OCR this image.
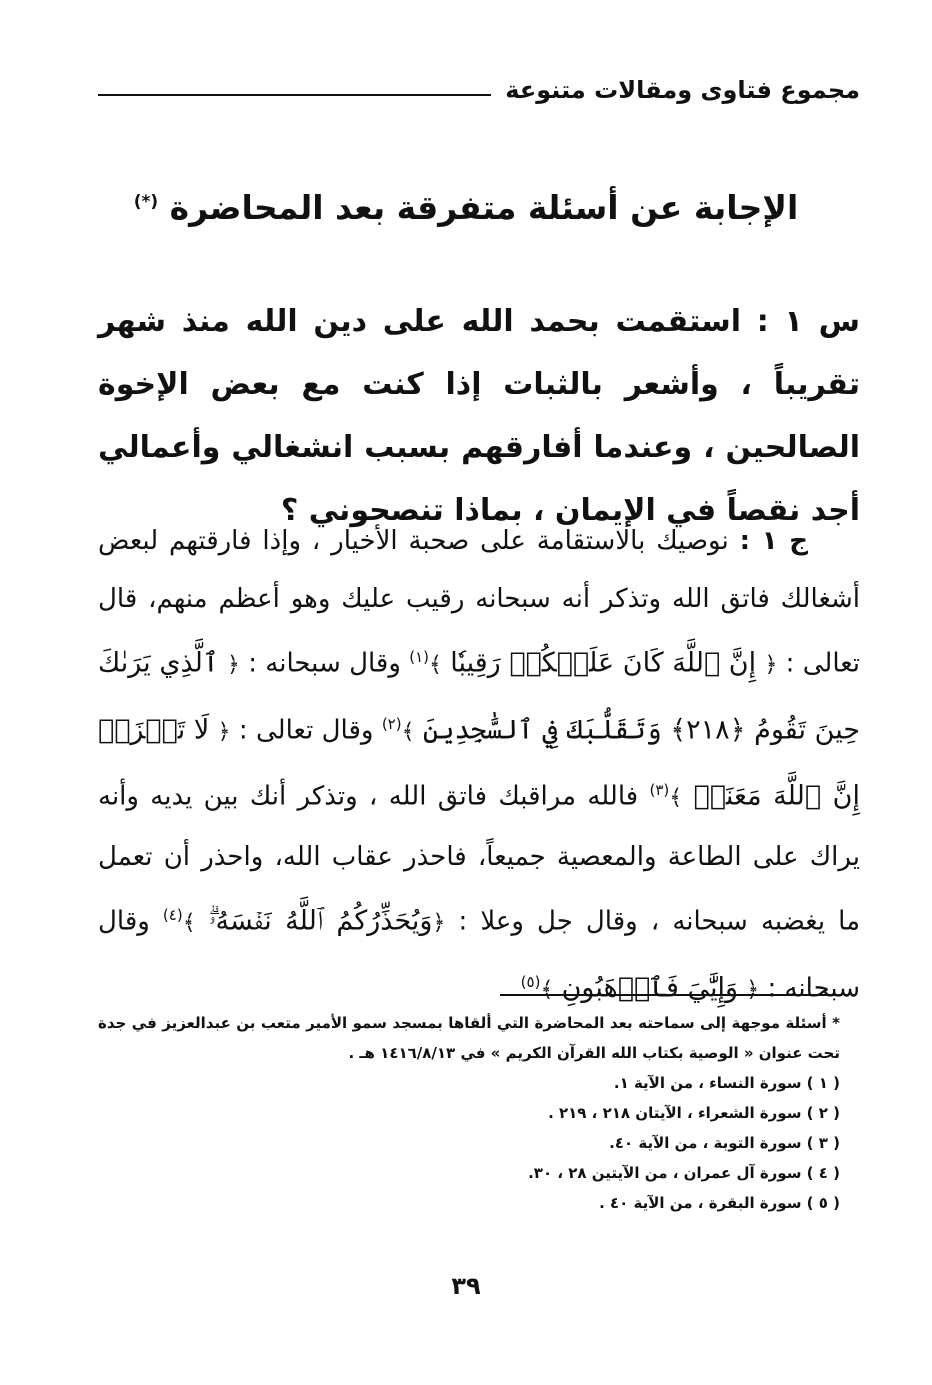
مجموع فتاوى ومقالات متنوعة
الإجابة عن أسئلة متفرقة بعد المحاضرة (*)

س ١ : استقمت بحمد الله على دين الله منذ شهر تقريباً ، وأشعر بالثبات إذا كنت مع بعض الإخوة الصالحين ، وعندما أفارقهم بسبب انشغالي وأعمالي أجد نقصاً في الإيمان ، بماذا تنصحوني ؟

  ج ١ : نوصيك بالاستقامة على صحبة الأخيار ، وإذا فارقتهم لبعض أشغالك فاتق الله وتذكر أنه سبحانه رقيب عليك وهو أعظم منهم، قال تعالى : ﴿ إِنَّ ٱللَّهَ كَانَ عَلَيۡكُمۡ رَقِيبٗا ﴾$^{(١)}$ وقال سبحانه : ﴿ ٱلَّذِي يَرَىٰكَ حِينَ تَقُومُ ﴿٢١٨﴾ وَتَقَلُّبَكَ فِي ٱلسَّٰجِدِينَ ﴾$^{(٢)}$ وقال تعالى : ﴿ لَا تَحۡزَنۡ إِنَّ ٱللَّهَ مَعَنَاۖ ﴾$^{(٣)}$ فالله مراقبك فاتق الله ، وتذكر أنك بين يديه وأنه يراك على الطاعة والمعصية جميعاً، فاحذر عقاب الله، واحذر أن تعمل ما يغضبه سبحانه ، وقال جل وعلا : ﴿وَيُحَذِّرُكُمُ ٱللَّهُ نَفۡسَهُۥۗ ﴾$^{(٤)}$ وقال سبحانه : ﴿ وَإِيَّٰيَ فَٱرۡهَبُونِ ﴾$^{(٥)}$

* أسئلة موجهة إلى سماحته بعد المحاضرة التي ألقاها بمسجد سمو الأمير متعب بن عبدالعزيز في جدة تحت عنوان « الوصية بكتاب الله القرآن الكريم » في ١٤١٦/٨/١٣ هـ .
( ١ ) سورة النساء ، من الآية ١.
( ٢ ) سورة الشعراء ، الآيتان ٢١٨ ، ٢١٩ .
( ٣ ) سورة التوبة ، من الآية ٤٠.
( ٤ ) سورة آل عمران ، من الآيتين ٢٨ ، ٣٠.
( ٥ ) سورة البقرة ، من الآية ٤٠ .
٣٩
